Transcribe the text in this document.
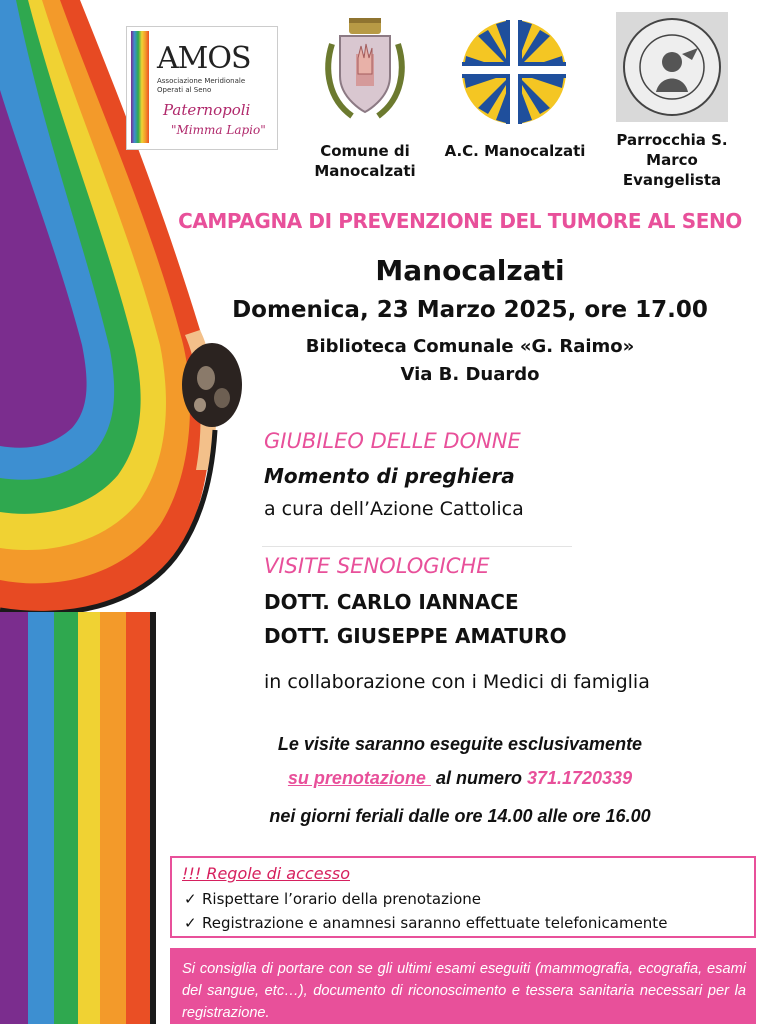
AMOS
Associazione Meridionale Operati al Seno
Paternopoli
"Mimma Lapio"
Comune di Manocalzati
A.C. Manocalzati
Parrocchia S. Marco Evangelista
CAMPAGNA DI PREVENZIONE DEL TUMORE AL SENO
Manocalzati
Domenica, 23 Marzo 2025, ore 17.00
Biblioteca Comunale «G. Raimo»
Via B. Duardo
GIUBILEO DELLE DONNE
Momento di preghiera
a cura dell’Azione Cattolica
VISITE SENOLOGICHE
DOTT. CARLO IANNACE
DOTT. GIUSEPPE AMATURO
in collaborazione con i Medici di famiglia
Le visite saranno eseguite esclusivamente
su prenotazione  al numero 371.1720339
nei giorni feriali dalle ore 14.00 alle ore 16.00
!!! Regole di accesso
✓ Rispettare l’orario della prenotazione
✓ Registrazione e anamnesi saranno effettuate telefonicamente
Si consiglia di portare con se gli ultimi esami eseguiti (mammografia, ecografia, esami del sangue, etc…), documento di riconoscimento e tessera sanitaria necessari per la registrazione.
